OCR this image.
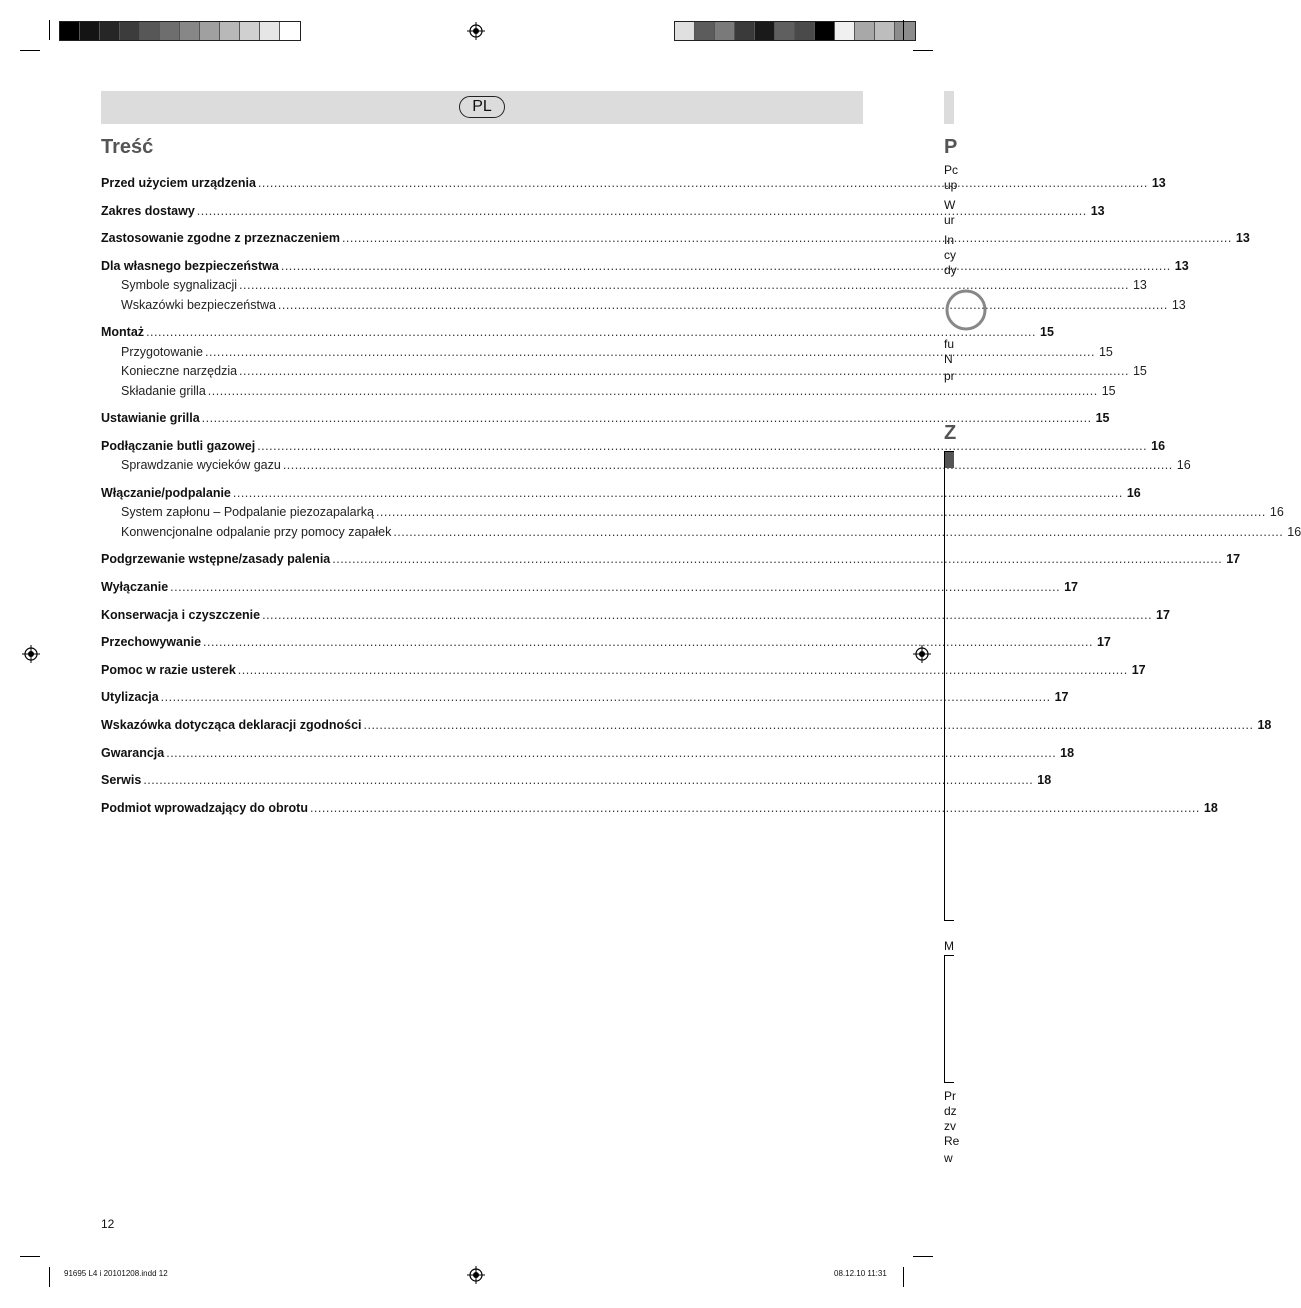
PL
Treść
Przed użyciem urządzenia .....	13
Zakres dostawy .....	13
Zastosowanie zgodne z przeznaczeniem .....	13
Dla własnego bezpieczeństwa .....	13
Symbole sygnalizacji .....	13
Wskazówki bezpieczeństwa .....	13
Montaż .....	15
Przygotowanie .....	15
Konieczne narzędzia .....	15
Składanie grilla .....	15
Ustawianie grilla .....	15
Podłączanie butli gazowej .....	16
Sprawdzanie wycieków gazu .....	16
Włączanie/podpalanie .....	16
System zapłonu – Podpalanie piezozapalarką .....	16
Konwencjonalne odpalanie przy pomocy zapałek .....	16
Podgrzewanie wstępne/zasady palenia .....	17
Wyłączanie .....	17
Konserwacja i czyszczenie .....	17
Przechowywanie .....	17
Pomoc w razie usterek .....	17
Utylizacja .....	17
Wskazówka dotycząca deklaracji zgodności .....	18
Gwarancja .....	18
Serwis .....	18
Podmiot wprowadzający do obrotu .....	18
12
91695 L4 i 20101208.indd 12	08.12.10 11:31
P
Z
Pc
up
W
ur
In
cy
dy
fu
N
pr
M
Pr
dz
zv
Re
w
